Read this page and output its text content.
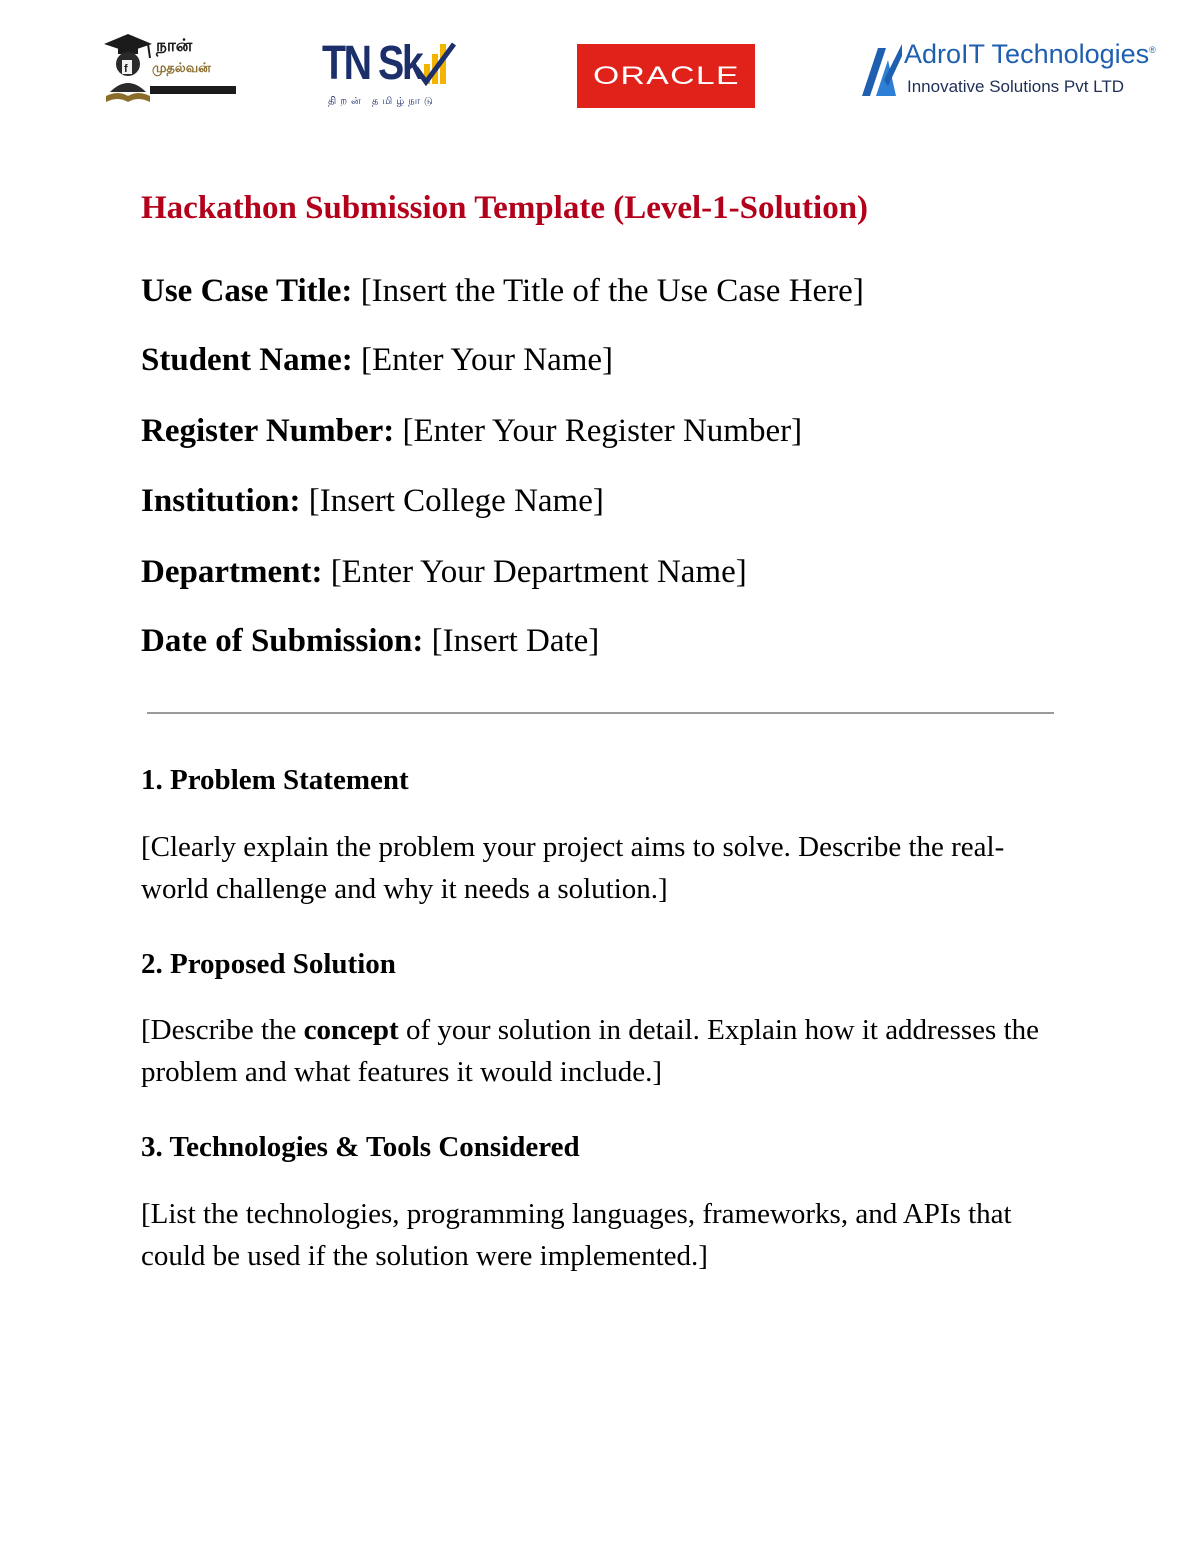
f
நான்
முதல்வன் TN Sk
திறன் தமிழ்நாடு
ORACLE
AdroIT Technologies®
Innovative Solutions Pvt LTD
Hackathon Submission Template (Level-1-Solution)
Use Case Title: [Insert the Title of the Use Case Here]
Student Name: [Enter Your Name]
Register Number: [Enter Your Register Number]
Institution: [Insert College Name]
Department: [Enter Your Department Name]
Date of Submission: [Insert Date]
1. Problem Statement
[Clearly explain the problem your project aims to solve. Describe the real-world challenge and why it needs a solution.]
2. Proposed Solution
[Describe the concept of your solution in detail. Explain how it addresses the problem and what features it would include.]
3. Technologies & Tools Considered
[List the technologies, programming languages, frameworks, and APIs that could be used if the solution were implemented.]
